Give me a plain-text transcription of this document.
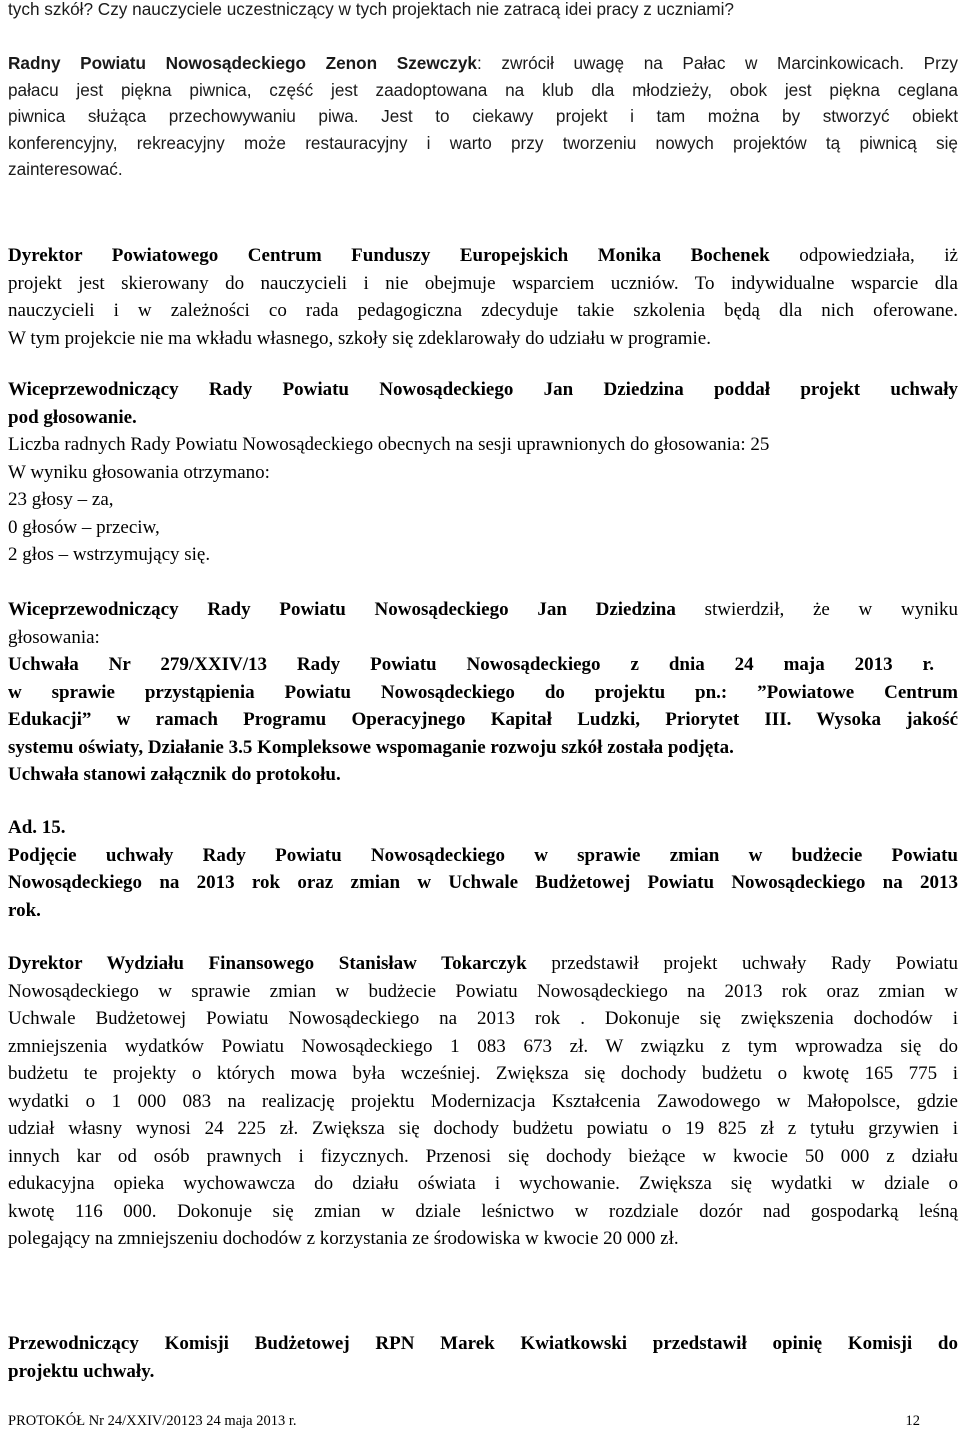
tych szkół? Czy nauczyciele uczestniczący w tych projektach nie zatracą idei pracy z uczniami?

Radny Powiatu Nowosądeckiego Zenon Szewczyk: zwrócił uwagę na Pałac w Marcinkowicach. Przy

pałacu jest piękna piwnica, część jest zaadoptowana na klub dla młodzieży, obok jest piękna ceglana

piwnica służąca przechowywaniu piwa. Jest to ciekawy projekt i tam można by stworzyć obiekt

konferencyjny, rekreacyjny może restauracyjny i warto przy tworzeniu nowych projektów tą piwnicą się

zainteresować.

Dyrektor Powiatowego Centrum Funduszy Europejskich Monika Bochenek odpowiedziała, iż

projekt jest skierowany do nauczycieli i nie obejmuje wsparciem uczniów. To indywidualne wsparcie dla

nauczycieli i w zależności co rada pedagogiczna zdecyduje takie szkolenia będą dla nich oferowane.

W tym projekcie nie ma wkładu własnego, szkoły się zdeklarowały do udziału w programie.

Wiceprzewodniczący Rady Powiatu Nowosądeckiego Jan Dziedzina poddał projekt uchwały

pod głosowanie.

Liczba radnych Rady Powiatu Nowosądeckiego obecnych na sesji uprawnionych do głosowania: 25

W wyniku głosowania otrzymano:

23 głosy – za,

0 głosów – przeciw,

2 głos – wstrzymujący się.

Wiceprzewodniczący Rady Powiatu Nowosądeckiego Jan Dziedzina stwierdził, że w wyniku

głosowania:

Uchwała Nr 279/XXIV/13 Rady Powiatu Nowosądeckiego z dnia 24 maja 2013 r.

w sprawie przystąpienia Powiatu Nowosądeckiego do projektu pn.: ”Powiatowe Centrum

Edukacji” w ramach Programu Operacyjnego Kapitał Ludzki, Priorytet III. Wysoka jakość

systemu oświaty, Działanie 3.5 Kompleksowe wspomaganie rozwoju szkół została podjęta.

Uchwała stanowi załącznik do protokołu.

Ad. 15.

Podjęcie uchwały Rady Powiatu Nowosądeckiego w sprawie zmian w budżecie Powiatu

Nowosądeckiego na 2013 rok oraz zmian w Uchwale Budżetowej Powiatu Nowosądeckiego na 2013

rok.

Dyrektor Wydziału Finansowego Stanisław Tokarczyk przedstawił projekt uchwały Rady Powiatu

Nowosądeckiego w sprawie zmian w budżecie Powiatu Nowosądeckiego na 2013 rok oraz zmian w

Uchwale Budżetowej Powiatu Nowosądeckiego na 2013 rok . Dokonuje się zwiększenia dochodów i

zmniejszenia wydatków Powiatu Nowosądeckiego 1 083 673 zł. W związku z tym wprowadza się do

budżetu te projekty o których mowa była wcześniej. Zwiększa się dochody budżetu o kwotę 165 775 i

wydatki o 1 000 083 na realizację projektu Modernizacja Kształcenia Zawodowego w Małopolsce, gdzie

udział własny wynosi 24 225 zł. Zwiększa się dochody budżetu powiatu o 19 825 zł z tytułu grzywien i

innych kar od osób prawnych i fizycznych. Przenosi się dochody bieżące w kwocie 50 000 z działu

edukacyjna opieka wychowawcza do działu oświata i wychowanie. Zwiększa się wydatki w dziale o

kwotę 116 000. Dokonuje się zmian w dziale leśnictwo w rozdziale dozór nad gospodarką leśną

polegający na zmniejszeniu dochodów z korzystania ze środowiska w kwocie 20 000 zł.

Przewodniczący Komisji Budżetowej RPN Marek Kwiatkowski przedstawił opinię Komisji do

projektu uchwały.

PROTOKÓŁ Nr 24/XXIV/20123 24 maja 2013 r.	12
